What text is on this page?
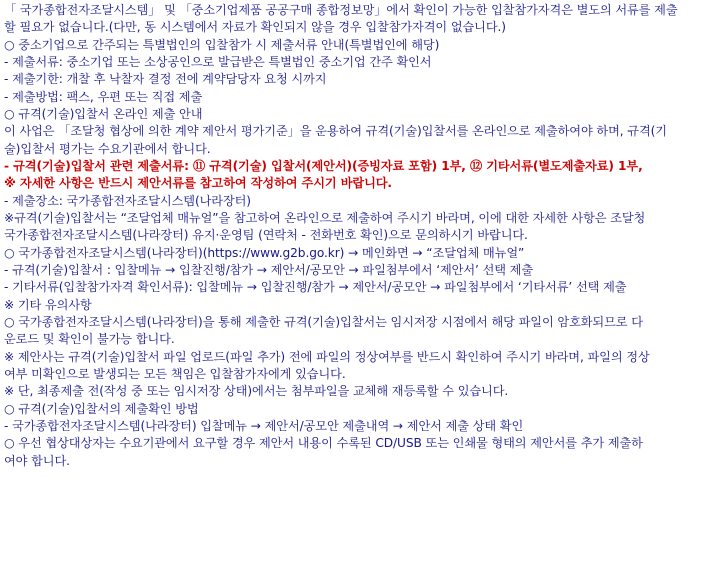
「 국가종합전자조달시스템」 및 「중소기업제품 공공구매 종합정보망」에서 확인이 가능한 입찰참가자격은 별도의 서류를 제출
할 필요가 없습니다.(다만, 동 시스템에서 자료가 확인되지 않을 경우 입찰참가자격이 없습니다.)
○ 중소기업으로 간주되는 특별법인의 입찰참가 시 제출서류 안내(특별법인에 해당)
- 제출서류: 중소기업 또는 소상공인으로 발급받은 특별법인 중소기업 간주 확인서
- 제출기한: 개찰 후 낙찰자 결정 전에 계약담당자 요청 시까지
- 제출방법: 팩스, 우편 또는 직접 제출
○ 규격(기술)입찰서 온라인 제출 안내
이 사업은 「조달청 협상에 의한 계약 제안서 평가기준」을 운용하여 규격(기술)입찰서를 온라인으로 제출하여야 하며, 규격(기
술)입찰서 평가는 수요기관에서 합니다.
- 규격(기술)입찰서 관련 제출서류: ⑪ 규격(기술) 입찰서(제안서)(증빙자료 포함) 1부, ⑫ 기타서류(별도제출자료) 1부,
※ 자세한 사항은 반드시 제안서류를 참고하여 작성하여 주시기 바랍니다.
- 제출장소: 국가종합전자조달시스템(나라장터)
※규격(기술)입찰서는 “조달업체 매뉴얼”을 참고하여 온라인으로 제출하여 주시기 바라며, 이에 대한 자세한 사항은 조달청
국가종합전자조달시스템(나라장터) 유지·운영팀 (연락처 - 전화번호 확인)으로 문의하시기 바랍니다.
○ 국가종합전자조달시스템(나라장터)(https://www.g2b.go.kr) → 메인화면 → “조달업체 매뉴얼”
- 규격(기술)입찰서 : 입찰메뉴 → 입찰진행/참가 → 제안서/공모안 → 파일첨부에서 ‘제안서’ 선택 제출
- 기타서류(입찰참가자격 확인서류): 입찰메뉴 → 입찰진행/참가 → 제안서/공모안 → 파일첨부에서 ‘기타서류’ 선택 제출
※ 기타 유의사항
○ 국가종합전자조달시스템(나라장터)을 통해 제출한 규격(기술)입찰서는 임시저장 시점에서 해당 파일이 암호화되므로 다
운로드 및 확인이 불가능 합니다.
※ 제안사는 규격(기술)입찰서 파일 업로드(파일 추가) 전에 파일의 정상여부를 반드시 확인하여 주시기 바라며, 파일의 정상
여부 미확인으로 발생되는 모든 책임은 입찰참가자에게 있습니다.
※ 단, 최종제출 전(작성 중 또는 임시저장 상태)에서는 첨부파일을 교체해 재등록할 수 있습니다.
○ 규격(기술)입찰서의 제출확인 방법
- 국가종합전자조달시스템(나라장터) 입찰메뉴 → 제안서/공모안 제출내역 → 제안서 제출 상태 확인
○ 우선 협상대상자는 수요기관에서 요구할 경우 제안서 내용이 수록된 CD/USB 또는 인쇄물 형태의 제안서를 추가 제출하
여야 합니다.
